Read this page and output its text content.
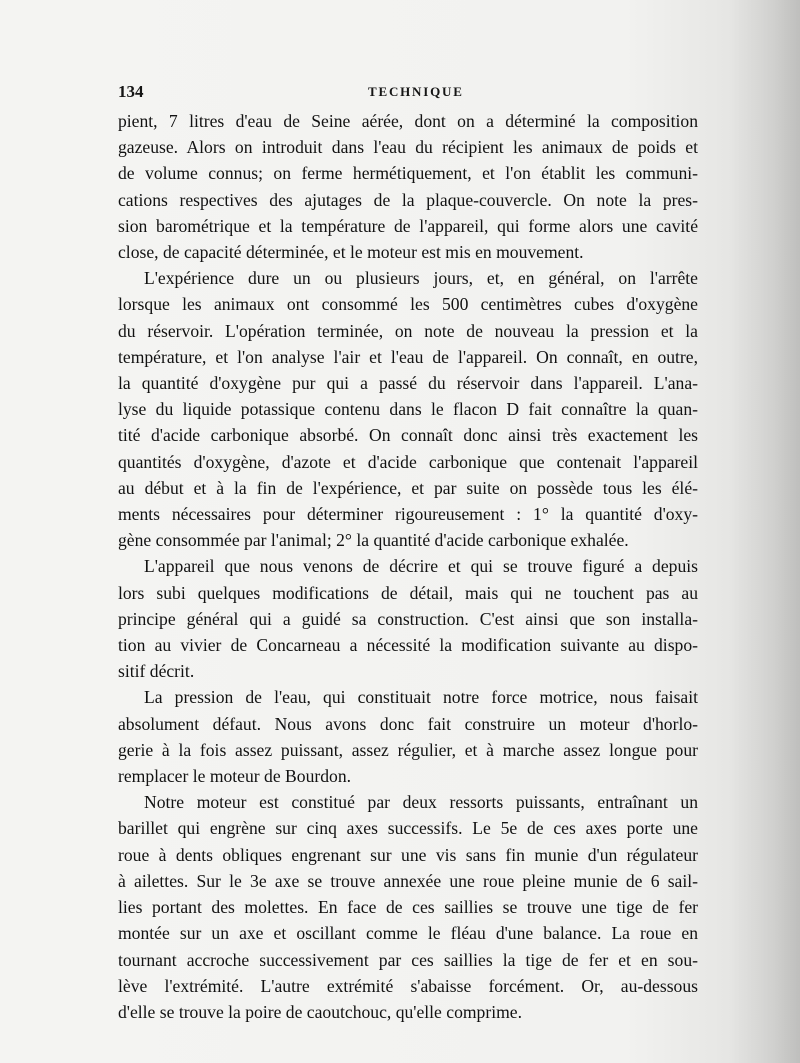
134	TECHNIQUE

pient, 7 litres d'eau de Seine aérée, dont on a déterminé la composition
gazeuse. Alors on introduit dans l'eau du récipient les animaux de poids et
de volume connus; on ferme hermétiquement, et l'on établit les communi-
cations respectives des ajutages de la plaque-couvercle. On note la pres-
sion barométrique et la température de l'appareil, qui forme alors une cavité
close, de capacité déterminée, et le moteur est mis en mouvement.

L'expérience dure un ou plusieurs jours, et, en général, on l'arrête
lorsque les animaux ont consommé les 500 centimètres cubes d'oxygène
du réservoir. L'opération terminée, on note de nouveau la pression et la
température, et l'on analyse l'air et l'eau de l'appareil. On connaît, en outre,
la quantité d'oxygène pur qui a passé du réservoir dans l'appareil. L'ana-
lyse du liquide potassique contenu dans le flacon D fait connaître la quan-
tité d'acide carbonique absorbé. On connaît donc ainsi très exactement les
quantités d'oxygène, d'azote et d'acide carbonique que contenait l'appareil
au début et à la fin de l'expérience, et par suite on possède tous les élé-
ments nécessaires pour déterminer rigoureusement : 1° la quantité d'oxy-
gène consommée par l'animal; 2° la quantité d'acide carbonique exhalée.

L'appareil que nous venons de décrire et qui se trouve figuré a depuis
lors subi quelques modifications de détail, mais qui ne touchent pas au
principe général qui a guidé sa construction. C'est ainsi que son installa-
tion au vivier de Concarneau a nécessité la modification suivante au dispo-
sitif décrit.

La pression de l'eau, qui constituait notre force motrice, nous faisait
absolument défaut. Nous avons donc fait construire un moteur d'horlo-
gerie à la fois assez puissant, assez régulier, et à marche assez longue pour
remplacer le moteur de Bourdon.

Notre moteur est constitué par deux ressorts puissants, entraînant un
barillet qui engrène sur cinq axes successifs. Le 5e de ces axes porte une
roue à dents obliques engrenant sur une vis sans fin munie d'un régulateur
à ailettes. Sur le 3e axe se trouve annexée une roue pleine munie de 6 sail-
lies portant des molettes. En face de ces saillies se trouve une tige de fer
montée sur un axe et oscillant comme le fléau d'une balance. La roue en
tournant accroche successivement par ces saillies la tige de fer et en sou-
lève l'extrémité. L'autre extrémité s'abaisse forcément. Or, au-dessous
d'elle se trouve la poire de caoutchouc, qu'elle comprime.
